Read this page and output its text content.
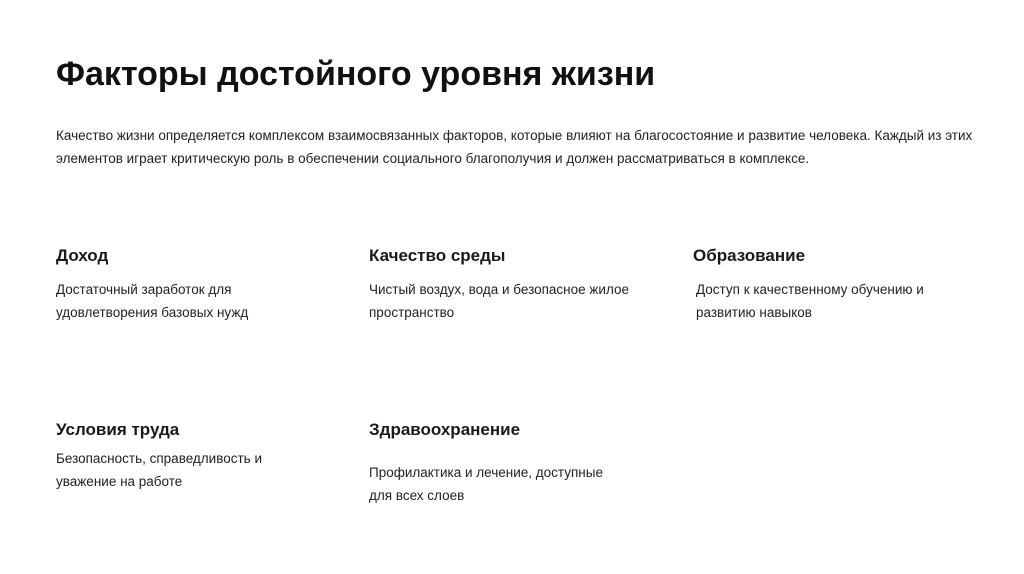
Факторы достойного уровня жизни

Качество жизни определяется комплексом взаимосвязанных факторов, которые влияют на благосостояние и развитие человека. Каждый из этих элементов играет критическую роль в обеспечении социального благополучия и должен рассматриваться в комплексе.

Доход

Достаточный заработок для удовлетворения базовых нужд

Качество среды

Чистый воздух, вода и безопасное жилое пространство

Образование

Доступ к качественному обучению и развитию навыков

Условия труда

Безопасность, справедливость и уважение на работе

Здравоохранение

Профилактика и лечение, доступные для всех слоев
